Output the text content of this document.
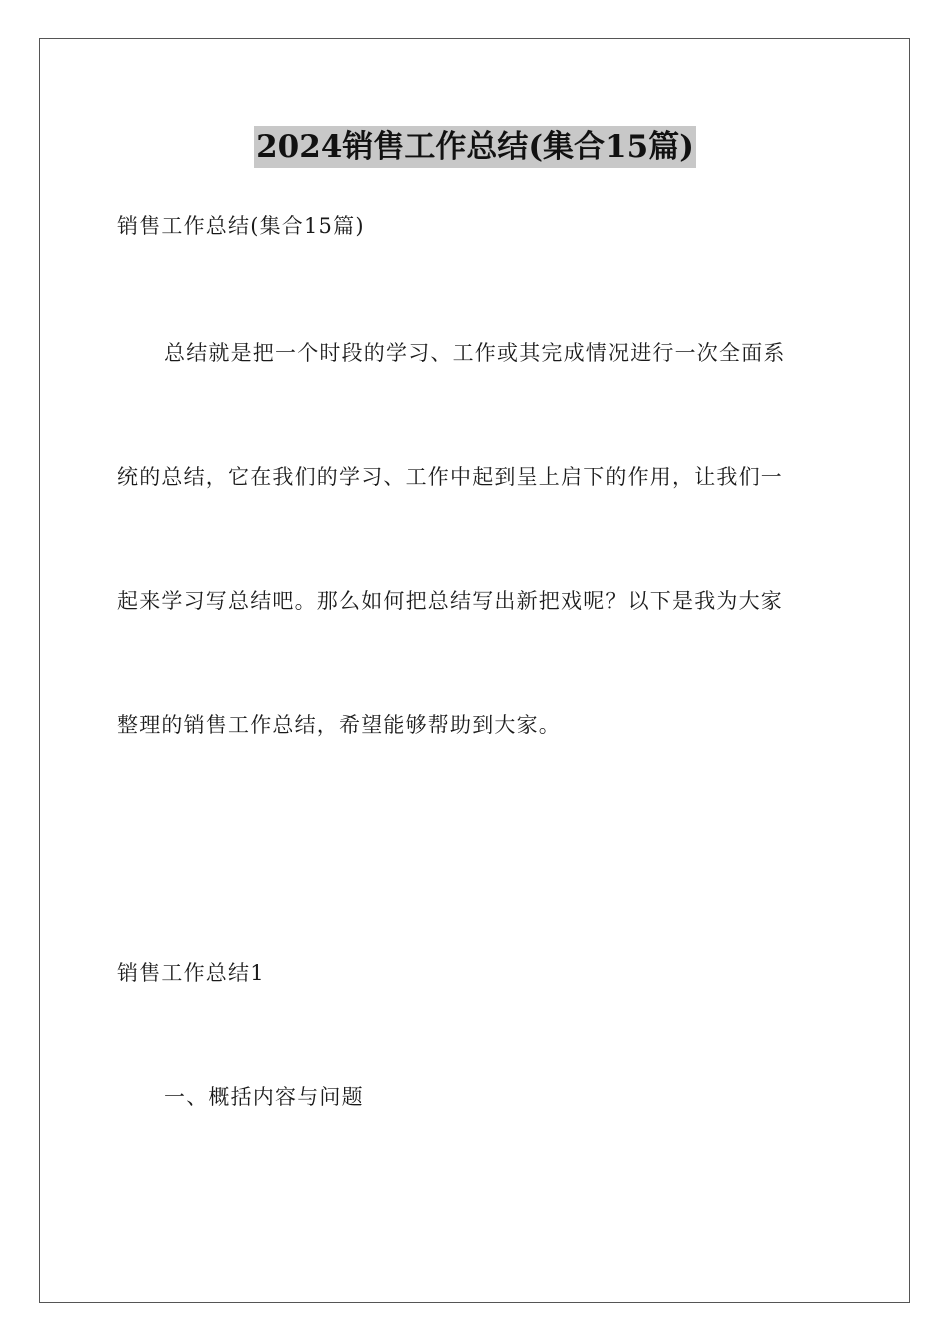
2024销售工作总结(集合15篇)
销售工作总结(集合15篇)
总结就是把一个时段的学习、工作或其完成情况进行一次全面系
统的总结，它在我们的学习、工作中起到呈上启下的作用，让我们一
起来学习写总结吧。那么如何把总结写出新把戏呢？以下是我为大家
整理的销售工作总结，希望能够帮助到大家。
销售工作总结1
一、概括内容与问题
